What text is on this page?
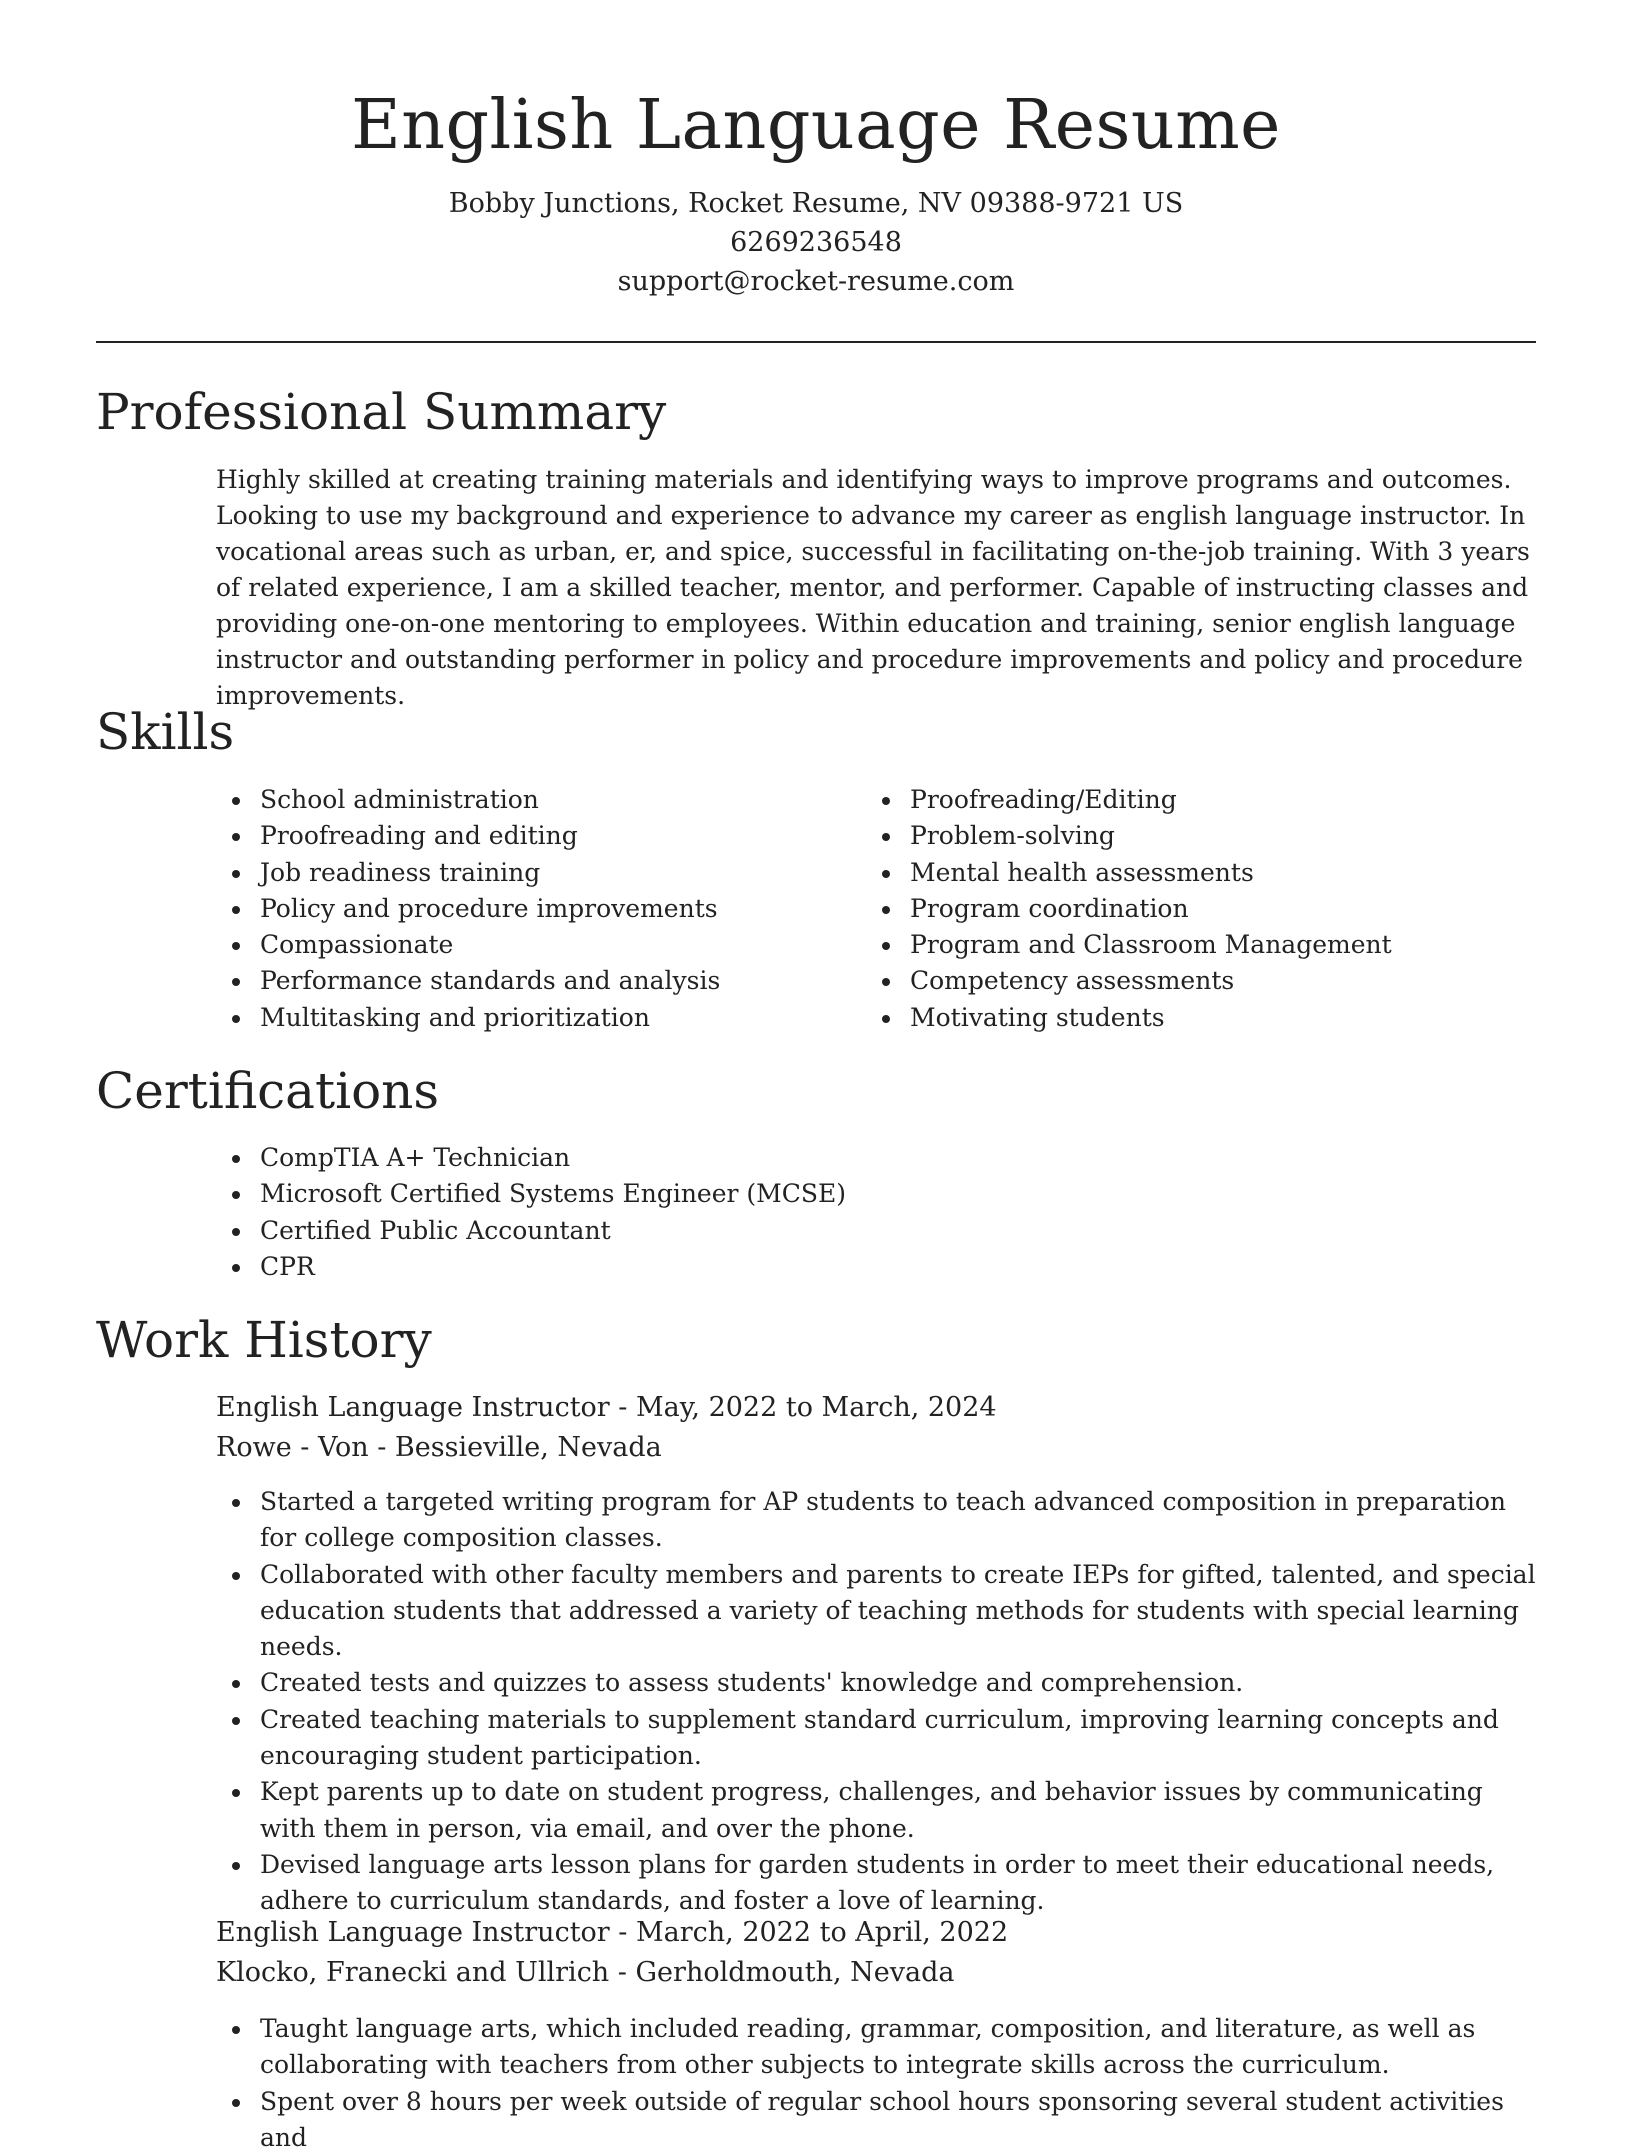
English Language Resume
Bobby Junctions, Rocket Resume, NV 09388-9721 US
6269236548
support@rocket-resume.com
Professional Summary

Highly skilled at creating training materials and identifying ways to improve programs and outcomes. Looking to use my background and experience to advance my career as english language instructor. In vocational areas such as urban, er, and spice, successful in facilitating on-the-job training. With 3 years of related experience, I am a skilled teacher, mentor, and performer. Capable of instructing classes and providing one-on-one mentoring to employees. Within education and training, senior english language instructor and outstanding performer in policy and procedure improvements and policy and procedure improvements.

Skills
School administration
Proofreading and editing
Job readiness training
Policy and procedure improvements
Compassionate
Performance standards and analysis
Multitasking and prioritization
Proofreading/Editing
Problem-solving
Mental health assessments
Program coordination
Program and Classroom Management
Competency assessments
Motivating students
Certifications
CompTIA A+ Technician
Microsoft Certified Systems Engineer (MCSE)
Certified Public Accountant
CPR
Work History
English Language Instructor - May, 2022 to March, 2024
Rowe - Von - Bessieville, Nevada
Started a targeted writing program for AP students to teach advanced composition in preparation for college composition classes.
Collaborated with other faculty members and parents to create IEPs for gifted, talented, and special education students that addressed a variety of teaching methods for students with special learning needs.
Created tests and quizzes to assess students' knowledge and comprehension.
Created teaching materials to supplement standard curriculum, improving learning concepts and encouraging student participation.
Kept parents up to date on student progress, challenges, and behavior issues by communicating with them in person, via email, and over the phone.
Devised language arts lesson plans for garden students in order to meet their educational needs, adhere to curriculum standards, and foster a love of learning.
English Language Instructor - March, 2022 to April, 2022
Klocko, Franecki and Ullrich - Gerholdmouth, Nevada
Taught language arts, which included reading, grammar, composition, and literature, as well as collaborating with teachers from other subjects to integrate skills across the curriculum.
Spent over 8 hours per week outside of regular school hours sponsoring several student activities and
